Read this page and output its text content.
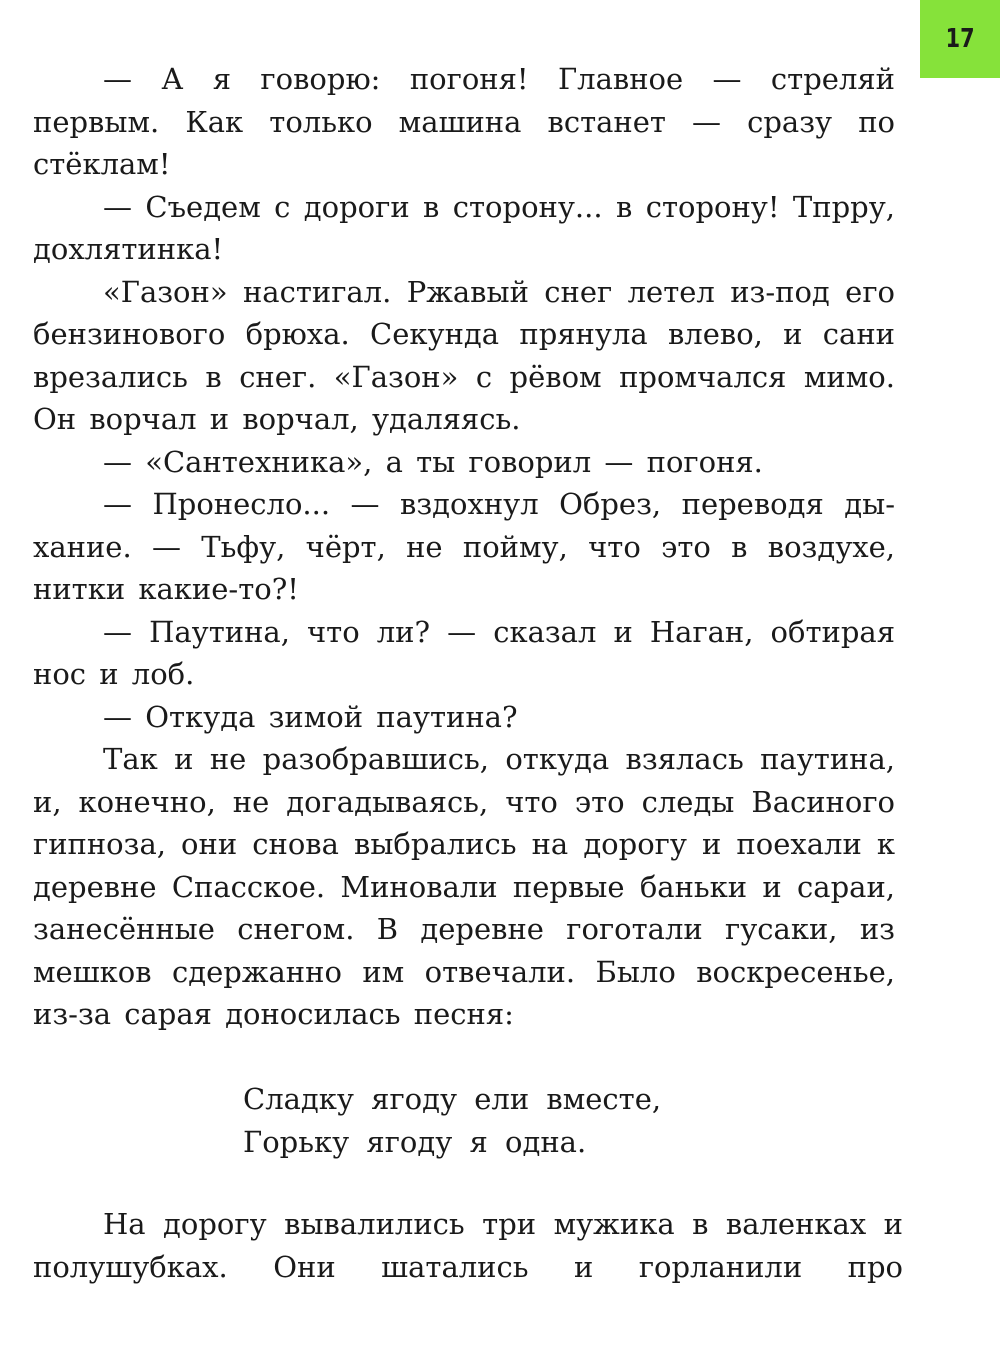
17

— А я говорю: погоня! Главное — стреляй первым. Как только машина встанет — сразу по стёклам!

— Съедем с дороги в сторону... в сторону! Тпрру, дохлятинка!

«Газон» настигал. Ржавый снег летел из-под его бензинового брюха. Секунда прянула влево, и сани врезались в снег. «Газон» с рёвом промчался мимо. Он ворчал и ворчал, удаляясь.

— «Сантехника», а ты говорил — погоня.

— Пронесло... — вздохнул Обрез, переводя дыхание. — Тьфу, чёрт, не пойму, что это в воздухе, нитки какие-то?!

— Паутина, что ли? — сказал и Наган, обтирая нос и лоб.

— Откуда зимой паутина?

Так и не разобравшись, откуда взялась паутина, и, конечно, не догадываясь, что это следы Васиного гипноза, они снова выбрались на дорогу и поехали к деревне Спасское. Миновали первые баньки и сараи, занесённые снегом. В деревне гоготали гусаки, из мешков сдержанно им отвечали. Было воскресенье, из-за сарая доносилась песня:

Сладку ягоду ели вместе,
Горьку ягоду я одна.

На дорогу вывалились три мужика в валенках и полушубках. Они шатались и горланили про
